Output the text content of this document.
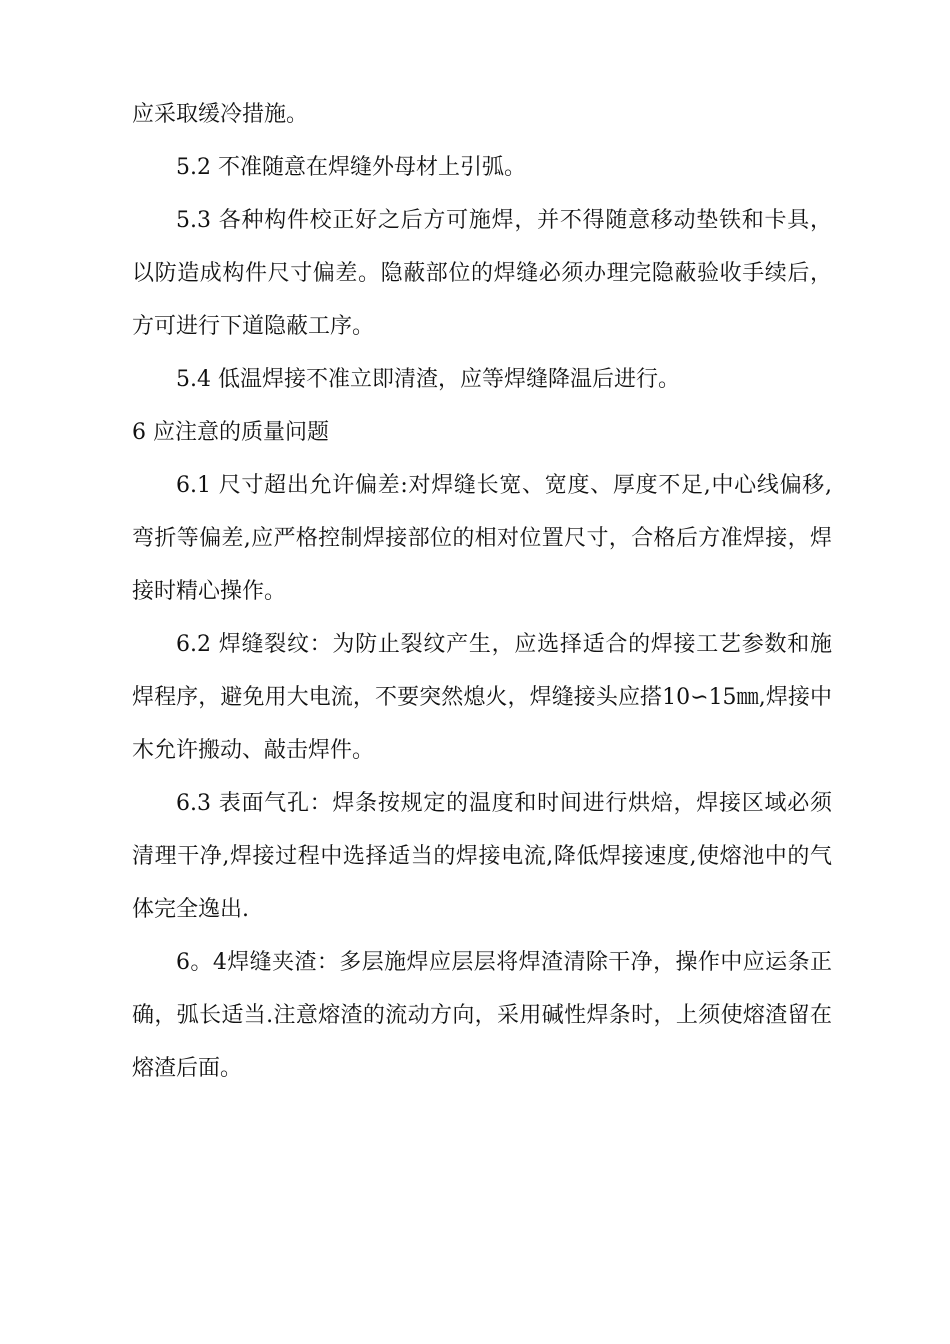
应采取缓冷措施。

5.2 不准随意在焊缝外母材上引弧。

5.3 各种构件校正好之后方可施焊，并不得随意移动垫铁和卡具，以防造成构件尺寸偏差。隐蔽部位的焊缝必须办理完隐蔽验收手续后，方可进行下道隐蔽工序。

5.4 低温焊接不准立即清渣，应等焊缝降温后进行。

6 应注意的质量问题

6.1 尺寸超出允许偏差:对焊缝长宽、宽度、厚度不足,中心线偏移,弯折等偏差,应严格控制焊接部位的相对位置尺寸，合格后方准焊接，焊接时精心操作。

6.2 焊缝裂纹：为防止裂纹产生，应选择适合的焊接工艺参数和施焊程序，避免用大电流，不要突然熄火，焊缝接头应搭10∽15㎜,焊接中木允许搬动、敲击焊件。

6.3 表面气孔：焊条按规定的温度和时间进行烘焙，焊接区域必须清理干净,焊接过程中选择适当的焊接电流,降低焊接速度,使熔池中的气体完全逸出.

6。4焊缝夹渣：多层施焊应层层将焊渣清除干净，操作中应运条正确，弧长适当.注意熔渣的流动方向，采用碱性焊条时，上须使熔渣留在熔渣后面。
